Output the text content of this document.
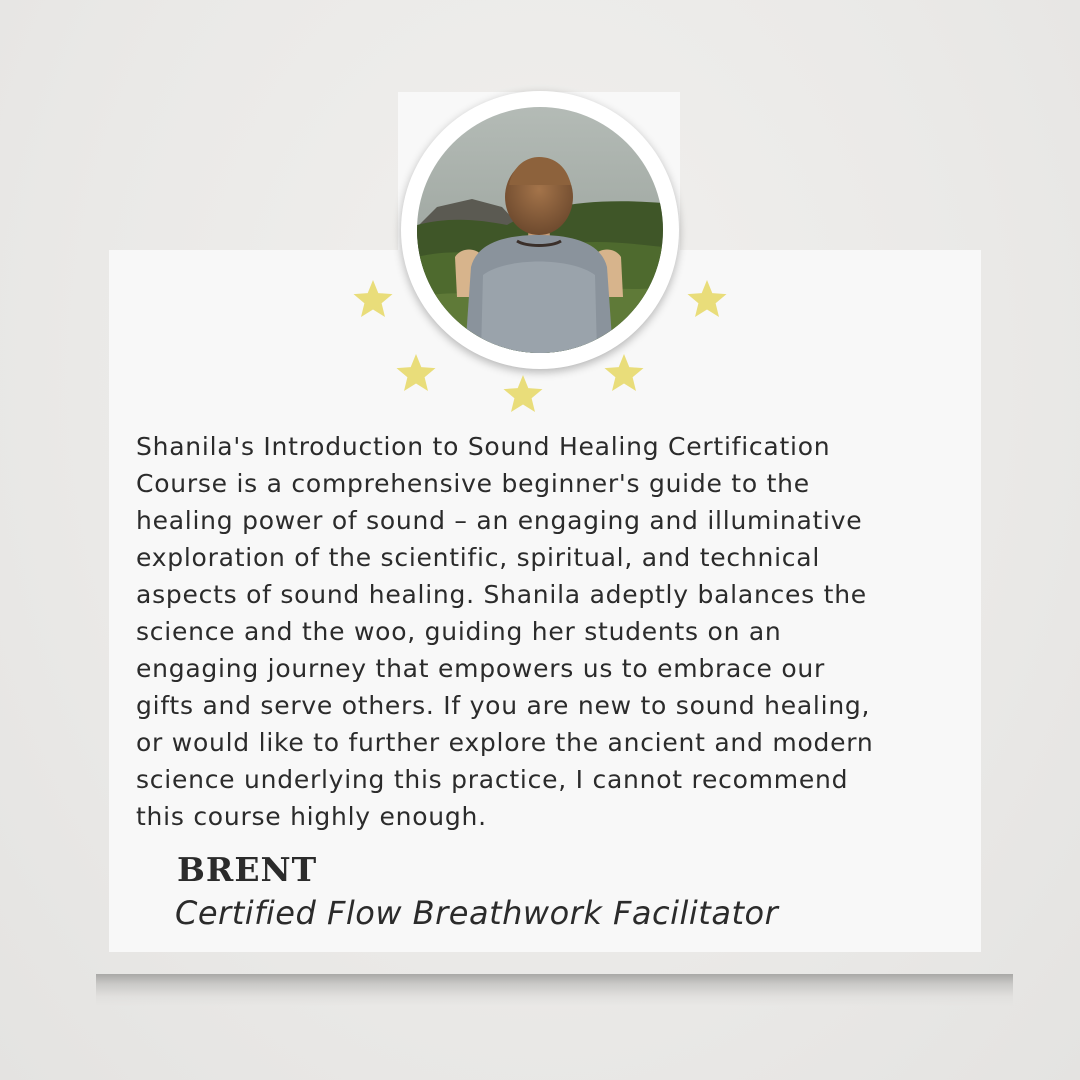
Shanila's Introduction to Sound Healing Certification
Course is a comprehensive beginner's guide to the
healing power of sound – an engaging and illuminative
exploration of the scientific, spiritual, and technical
aspects of sound healing. Shanila adeptly balances the
science and the woo, guiding her students on an
engaging journey that empowers us to embrace our
gifts and serve others. If you are new to sound healing,
or would like to further explore the ancient and modern
science underlying this practice, I cannot recommend
this course highly enough.
BRENT
Certified Flow Breathwork Facilitator
